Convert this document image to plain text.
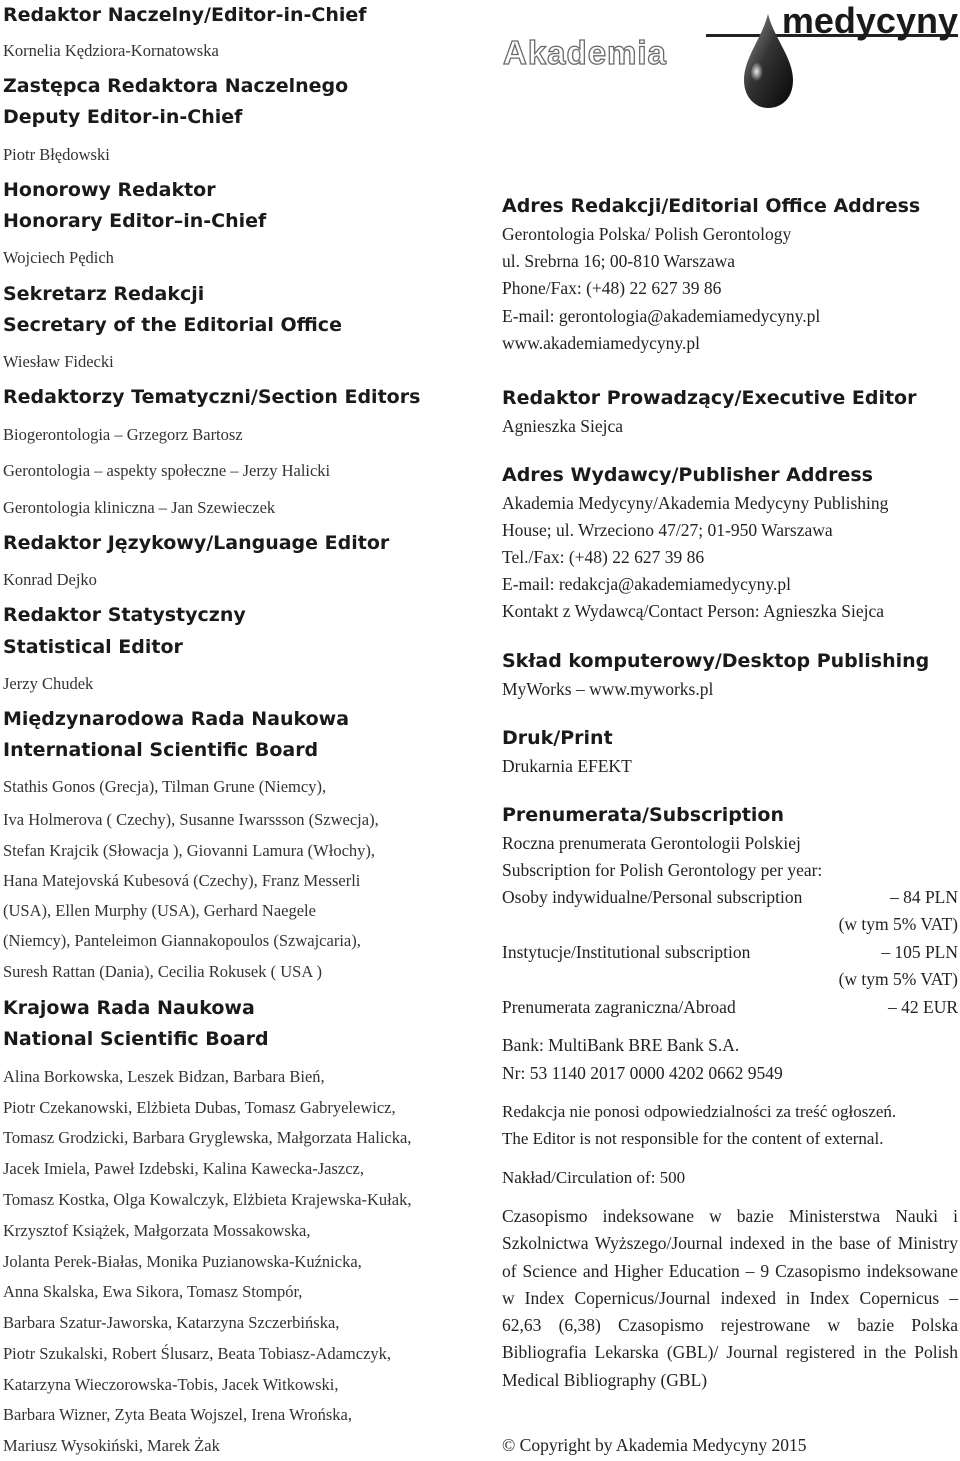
Redaktor Naczelny/Editor-in-Chief
Kornelia Kędziora-Kornatowska
Zastępca Redaktora Naczelnego
Deputy Editor-in-Chief
Piotr Błędowski
Honorowy Redaktor
Honorary Editor–in-Chief
Wojciech Pędich
Sekretarz Redakcji
Secretary of the Editorial Office
Wiesław Fidecki
Redaktorzy Tematyczni/Section Editors
Biogerontologia – Grzegorz Bartosz
Gerontologia – aspekty społeczne – Jerzy Halicki
Gerontologia kliniczna – Jan Szewieczek
Redaktor Językowy/Language Editor
Konrad Dejko
Redaktor Statystyczny
Statistical Editor
Jerzy Chudek
Międzynarodowa Rada Naukowa
International Scientific Board
Stathis Gonos (Grecja), Tilman Grune (Niemcy),
Iva Holmerova ( Czechy), Susanne Iwarssson (Szwecja),
Stefan Krajcik (Słowacja ), Giovanni Lamura (Włochy),
Hana Matejovská Kubesová (Czechy), Franz Messerli
(USA), Ellen Murphy (USA), Gerhard Naegele
(Niemcy), Panteleimon Giannakopoulos (Szwajcaria),
Suresh Rattan (Dania), Cecilia Rokusek ( USA )
Krajowa Rada Naukowa
National Scientific Board
Alina Borkowska, Leszek Bidzan, Barbara Bień,
Piotr Czekanowski, Elżbieta Dubas, Tomasz Gabryelewicz,
Tomasz Grodzicki, Barbara Gryglewska, Małgorzata Halicka,
Jacek Imiela, Paweł Izdebski, Kalina Kawecka-Jaszcz,
Tomasz Kostka, Olga Kowalczyk, Elżbieta Krajewska-Kułak,
Krzysztof Książek, Małgorzata Mossakowska,
Jolanta Perek-Białas, Monika Puzianowska-Kuźnicka,
Anna Skalska, Ewa Sikora, Tomasz Stompór,
Barbara Szatur-Jaworska, Katarzyna Szczerbińska,
Piotr Szukalski, Robert Ślusarz, Beata Tobiasz-Adamczyk,
Katarzyna Wieczorowska-Tobis, Jacek Witkowski,
Barbara Wizner, Zyta Beata Wojszel, Irena Wrońska,
Mariusz Wysokiński, Marek Żak
medycyny
Akademia
Adres Redakcji/Editorial Office Address
Gerontologia Polska/ Polish Gerontology
ul. Srebrna 16; 00-810 Warszawa
Phone/Fax: (+48) 22 627 39 86
E-mail: gerontologia@akademiamedycyny.pl
www.akademiamedycyny.pl
Redaktor Prowadzący/Executive Editor
Agnieszka Siejca
Adres Wydawcy/Publisher Address
Akademia Medycyny/Akademia Medycyny Publishing
House; ul. Wrzeciono 47/27; 01-950 Warszawa
Tel./Fax: (+48) 22 627 39 86
E-mail: redakcja@akademiamedycyny.pl
Kontakt z Wydawcą/Contact Person: Agnieszka Siejca
Skład komputerowy/Desktop Publishing
MyWorks – www.myworks.pl
Druk/Print
Drukarnia EFEKT
Prenumerata/Subscription
Roczna prenumerata Gerontologii Polskiej
Subscription for Polish Gerontology per year:
Osoby indywidualne/Personal subscription	– 84 PLN
(w tym 5% VAT)
Instytucje/Institutional subscription	– 105 PLN
(w tym 5% VAT)
Prenumerata zagraniczna/Abroad	– 42 EUR
Bank: MultiBank BRE Bank S.A.
Nr: 53 1140 2017 0000 4202 0662 9549
Redakcja nie ponosi odpowiedzialności za treść ogłoszeń.
The Editor is not responsible for the content of external.
Nakład/Circulation of: 500
Czasopismo indeksowane w bazie Ministerstwa Nauki i Szkolnictwa Wyższego/Journal indexed in the base of Ministry of Science and Higher Education – 9 Czasopismo indeksowane w Index Copernicus/Journal indexed in Index Copernicus – 62,63 (6,38) Czasopismo rejestrowane w bazie Polska Bibliografia Lekarska (GBL)/ Journal registered in the Polish Medical Bibliography (GBL)
© Copyright by Akademia Medycyny 2015
